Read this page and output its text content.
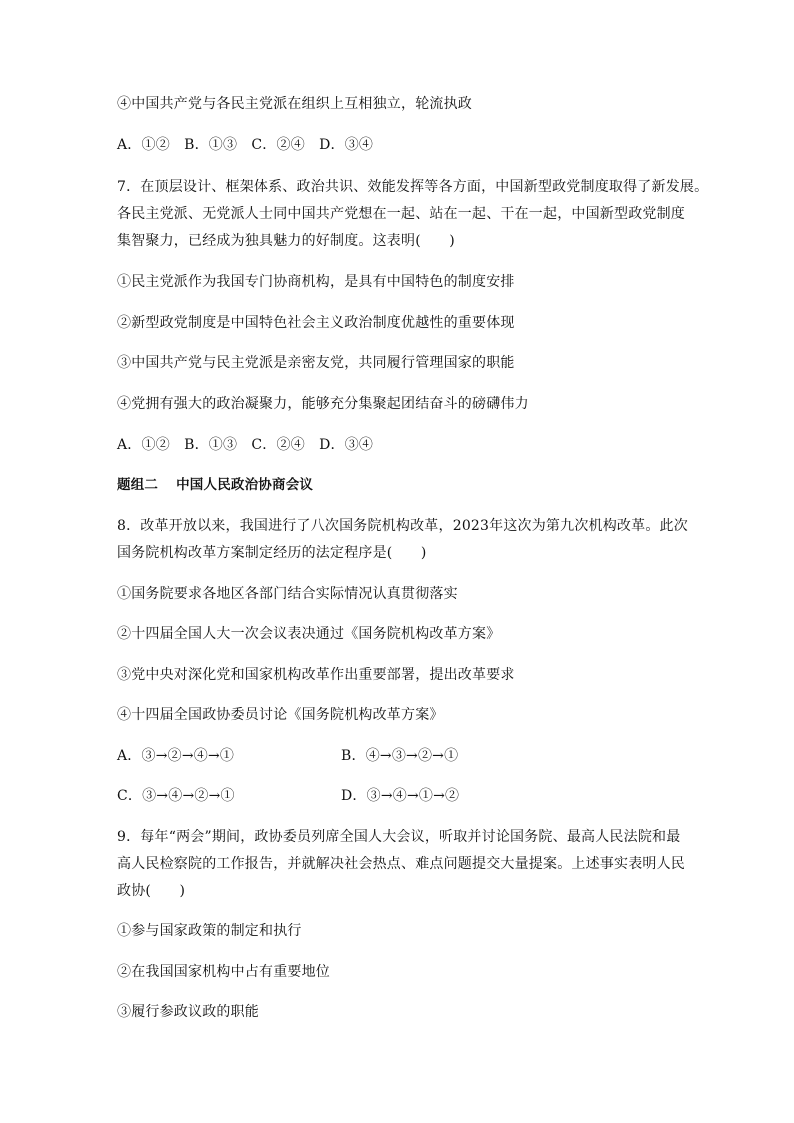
④中国共产党与各民主党派在组织上互相独立，轮流执政
A．①②　B．①③　C．②④　D．③④
7．在顶层设计、框架体系、政治共识、效能发挥等各方面，中国新型政党制度取得了新发展。
各民主党派、无党派人士同中国共产党想在一起、站在一起、干在一起，中国新型政党制度
集智聚力，已经成为独具魅力的好制度。这表明(　　)
①民主党派作为我国专门协商机构，是具有中国特色的制度安排
②新型政党制度是中国特色社会主义政治制度优越性的重要体现
③中国共产党与民主党派是亲密友党，共同履行管理国家的职能
④党拥有强大的政治凝聚力，能够充分集聚起团结奋斗的磅礴伟力
A．①②　B．①③　C．②④　D．③④
题组二 中国人民政治协商会议
8．改革开放以来，我国进行了八次国务院机构改革，2023年这次为第九次机构改革。此次
国务院机构改革方案制定经历的法定程序是(　　)
①国务院要求各地区各部门结合实际情况认真贯彻落实
②十四届全国人大一次会议表决通过《国务院机构改革方案》
③党中央对深化党和国家机构改革作出重要部署，提出改革要求
④十四届全国政协委员讨论《国务院机构改革方案》
A．③→②→④→①	B．④→③→②→①
C．③→④→②→①	D．③→④→①→②
9．每年“两会”期间，政协委员列席全国人大会议，听取并讨论国务院、最高人民法院和最
高人民检察院的工作报告，并就解决社会热点、难点问题提交大量提案。上述事实表明人民
政协(　　)
①参与国家政策的制定和执行
②在我国国家机构中占有重要地位
③履行参政议政的职能
